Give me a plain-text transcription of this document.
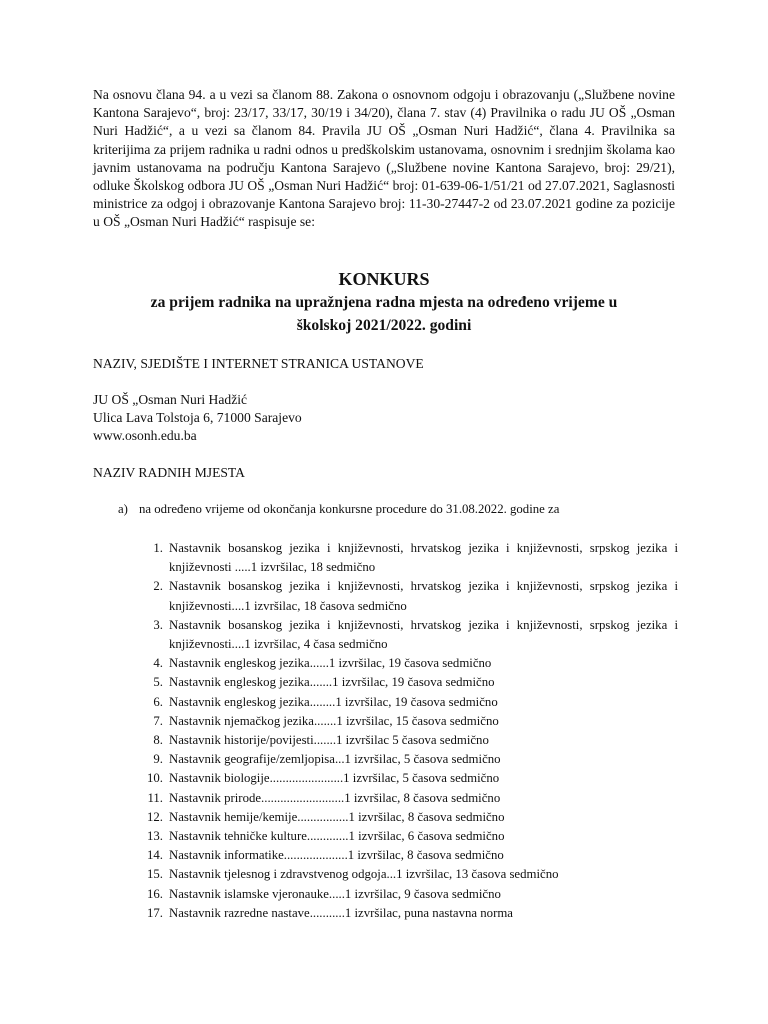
Na osnovu člana 94. a u vezi sa članom 88. Zakona o osnovnom odgoju i obrazovanju („Službene novine Kantona Sarajevo“, broj: 23/17, 33/17, 30/19 i 34/20), člana 7. stav (4) Pravilnika o radu JU OŠ „Osman Nuri Hadžić“, a u vezi sa članom 84. Pravila JU OŠ „Osman Nuri Hadžić“, člana 4. Pravilnika sa kriterijima za prijem radnika u radni odnos u predškolskim ustanovama, osnovnim i srednjim školama kao javnim ustanovama na području Kantona Sarajevo („Službene novine Kantona Sarajevo, broj: 29/21), odluke Školskog odbora JU OŠ „Osman Nuri Hadžić“ broj: 01-639-06-1/51/21 od 27.07.2021, Saglasnosti ministrice za odgoj i obrazovanje Kantona Sarajevo broj: 11-30-27447-2 od 23.07.2021 godine za pozicije u OŠ „Osman Nuri Hadžić“ raspisuje se:

KONKURS
za prijem radnika na upražnjena radna mjesta na određeno vrijeme u
školskoj 2021/2022. godini

NAZIV, SJEDIŠTE I INTERNET STRANICA USTANOVE

JU OŠ „Osman Nuri Hadžić
Ulica Lava Tolstoja 6, 71000 Sarajevo
www.osonh.edu.ba

NAZIV RADNIH MJESTA

a) na određeno vrijeme od okončanja konkursne procedure do 31.08.2022. godine za
1. Nastavnik bosanskog jezika i književnosti, hrvatskog jezika i književnosti, srpskog jezika i književnosti .....1 izvršilac, 18 sedmično
2. Nastavnik bosanskog jezika i književnosti, hrvatskog jezika i književnosti, srpskog jezika i književnosti....1 izvršilac, 18 časova sedmično
3. Nastavnik bosanskog jezika i književnosti, hrvatskog jezika i književnosti, srpskog jezika i književnosti....1 izvršilac, 4 časa sedmično
4. Nastavnik engleskog jezika......1 izvršilac, 19 časova sedmično
5. Nastavnik engleskog jezika.......1 izvršilac, 19 časova sedmično
6. Nastavnik engleskog jezika........1 izvršilac, 19 časova sedmično
7. Nastavnik njemačkog jezika.......1 izvršilac, 15 časova sedmično
8. Nastavnik historije/povijesti.......1 izvršilac 5 časova sedmično
9. Nastavnik geografije/zemljopisa...1 izvršilac, 5 časova sedmično
10. Nastavnik biologije.......................1 izvršilac, 5 časova sedmično
11. Nastavnik prirode..........................1 izvršilac, 8 časova sedmično
12. Nastavnik hemije/kemije................1 izvršilac, 8 časova sedmično
13. Nastavnik tehničke kulture.............1 izvršilac, 6 časova sedmično
14. Nastavnik informatike....................1 izvršilac, 8 časova sedmično
15. Nastavnik tjelesnog i zdravstvenog odgoja...1 izvršilac, 13 časova sedmično
16. Nastavnik islamske vjeronauke.....1 izvršilac, 9 časova sedmično
17. Nastavnik razredne nastave...........1 izvršilac, puna nastavna norma
